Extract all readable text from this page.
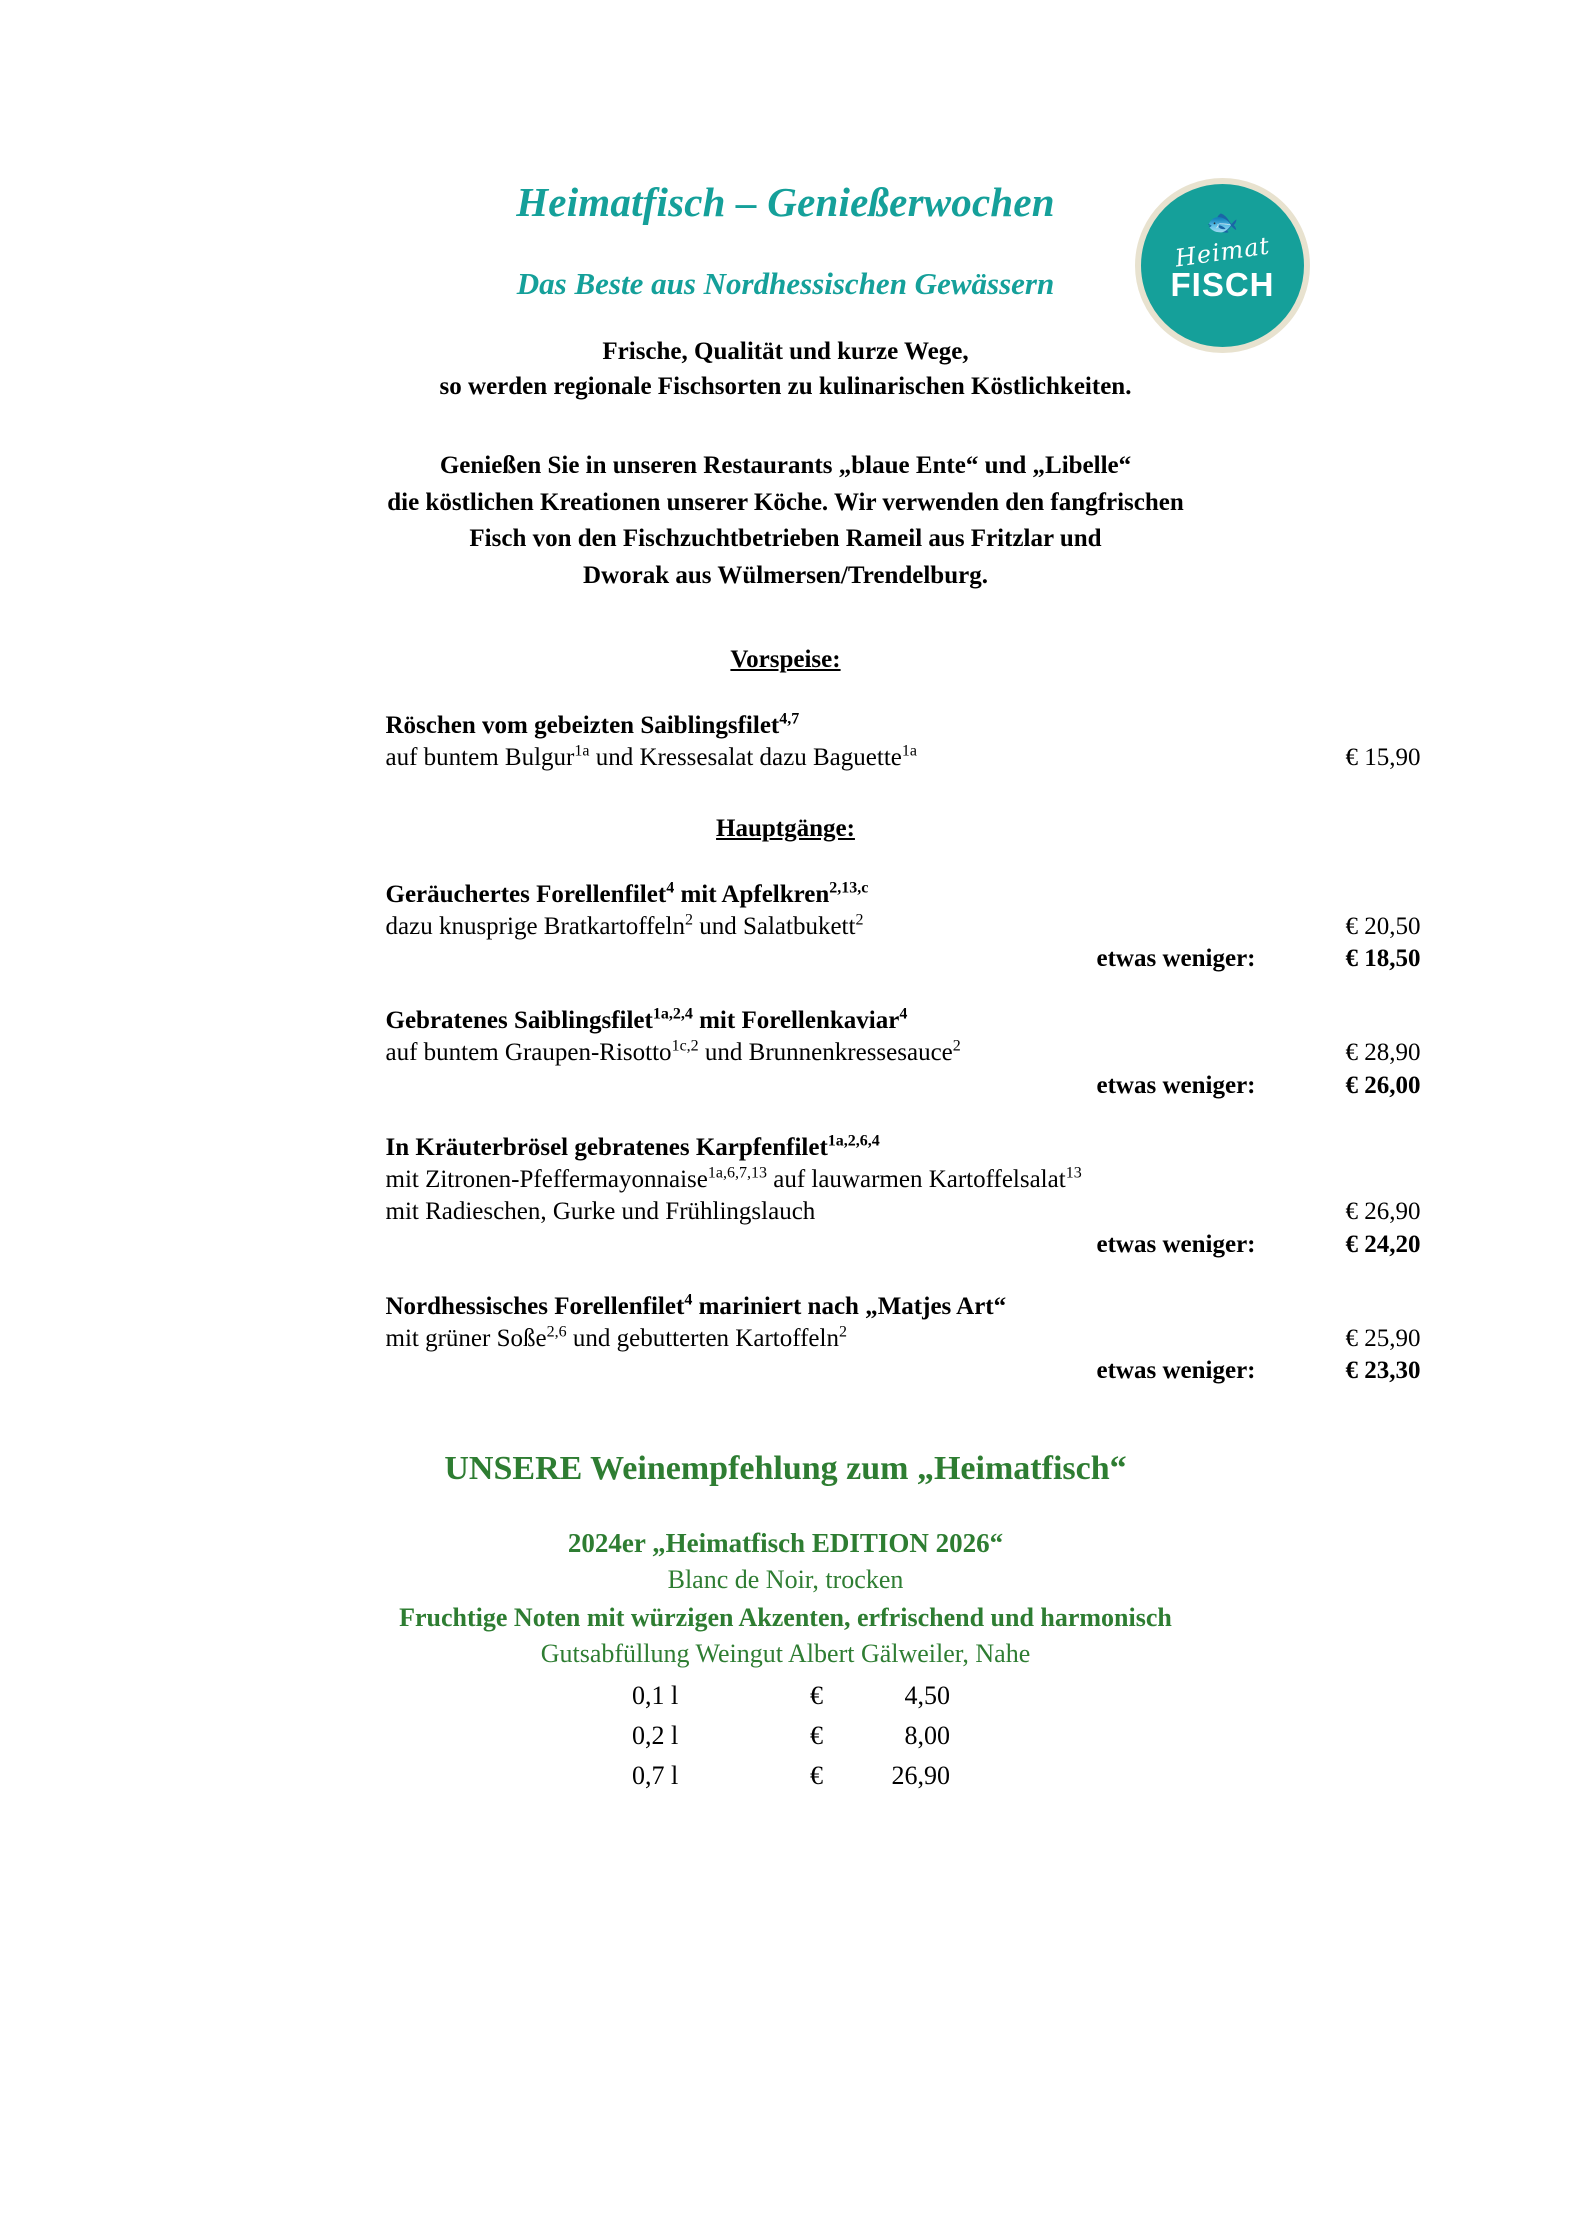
Heimatfisch – Genießerwochen
Das Beste aus Nordhessischen Gewässern
🐟
Heimat
FISCH
Frische, Qualität und kurze Wege,
so werden regionale Fischsorten zu kulinarischen Köstlichkeiten.
Genießen Sie in unseren Restaurants „blaue Ente“ und „Libelle“
die köstlichen Kreationen unserer Köche. Wir verwenden den fangfrischen
Fisch von den Fischzuchtbetrieben Rameil aus Fritzlar und
Dworak aus Wülmersen/Trendelburg.
Vorspeise:
Röschen vom gebeizten Saiblingsfilet$^{4,7}$
auf buntem Bulgur$^{1a}$ und Kressesalat dazu Baguette$^{1a}$	€ 15,90
Hauptgänge:
Geräuchertes Forellenfilet$^4$ mit Apfelkren$^{2,13,c}$
dazu knusprige Bratkartoffeln$^2$ und Salatbukett$^2$	€ 20,50
etwas weniger:	€ 18,50
Gebratenes Saiblingsfilet$^{1a,2,4}$ mit Forellenkaviar$^4$
auf buntem Graupen-Risotto$^{1c,2}$ und Brunnenkressesauce$^2$	€ 28,90
etwas weniger:	€ 26,00
In Kräuterbrösel gebratenes Karpfenfilet$^{1a,2,6,4}$
mit Zitronen-Pfeffermayonnaise$^{1a,6,7,13}$ auf lauwarmen Kartoffelsalat$^{13}$
mit Radieschen, Gurke und Frühlingslauch	€ 26,90
etwas weniger:	€ 24,20
Nordhessisches Forellenfilet$^4$ mariniert nach „Matjes Art“
mit grüner Soße$^{2,6}$ und gebutterten Kartoffeln$^2$	€ 25,90
etwas weniger:	€ 23,30
UNSERE Weinempfehlung zum „Heimatfisch“
2024er „Heimatfisch EDITION 2026“
Blanc de Noir, trocken
Fruchtige Noten mit würzigen Akzenten, erfrischend und harmonisch
Gutsabfüllung Weingut Albert Gälweiler, Nahe
0,1 l	€	4,50
0,2 l	€	8,00
0,7 l	€	26,90
